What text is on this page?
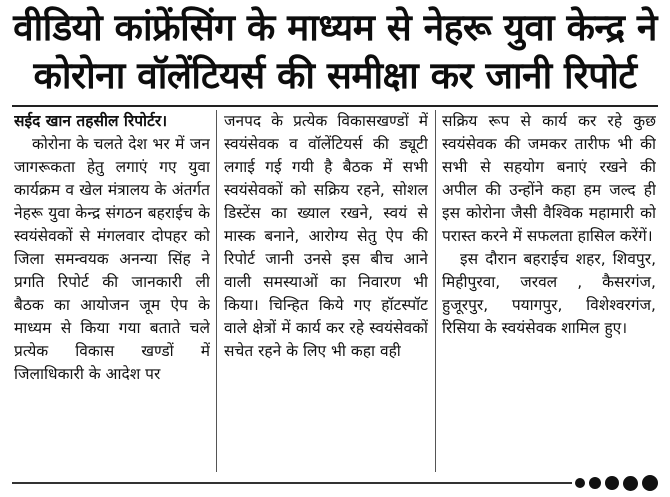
वीडियो कांफ्रेंसिंग के माध्यम से नेहरू युवा केन्द्र ने
कोरोना वॉलेंटियर्स की समीक्षा कर जानी रिपोर्ट

सईद खान तहसील रिपोर्टर।

कोरोना के चलते देश भर में जन जागरूकता हेतु लगाएं गए युवा कार्यक्रम व खेल मंत्रालय के अंतर्गत नेहरू युवा केन्द्र संगठन बहराईच के स्वयंसेवकों से मंगलवार दोपहर को जिला समन्वयक अनन्या सिंह ने प्रगति रिपोर्ट की जानकारी ली बैठक का आयोजन जूम ऐप के माध्यम से किया गया बताते चले प्रत्येक विकास खण्डों में जिलाधिकारी के आदेश पर

जनपद के प्रत्येक विकासखण्डों में स्वयंसेवक व वॉलेंटियर्स की ड्यूटी लगाई गई गयी है बैठक में सभी स्वयंसेवकों को सक्रिय रहने, सोशल डिस्टेंस का ख्याल रखने, स्वयं से मास्क बनाने, आरोग्य सेतु ऐप की रिपोर्ट जानी उनसे इस बीच आने वाली समस्याओं का निवारण भी किया। चिन्हित किये गए हॉटस्पॉट वाले क्षेत्रों में कार्य कर रहे स्वयंसेवकों सचेत रहने के लिए भी कहा वही

सक्रिय रूप से कार्य कर रहे कुछ स्वयंसेवक की जमकर तारीफ भी की सभी से सहयोग बनाएं रखने की अपील की उन्होंने कहा हम जल्द ही इस कोरोना जैसी वैश्विक महामारी को परास्त करने में सफलता हासिल करेंगें।

इस दौरान बहराईच शहर, शिवपुर, मिहीपुरवा, जरवल , कैसरगंज, हुजूरपुर, पयागपुर, विशेश्वरगंज, रिसिया के स्वयंसेवक शामिल हुए।
